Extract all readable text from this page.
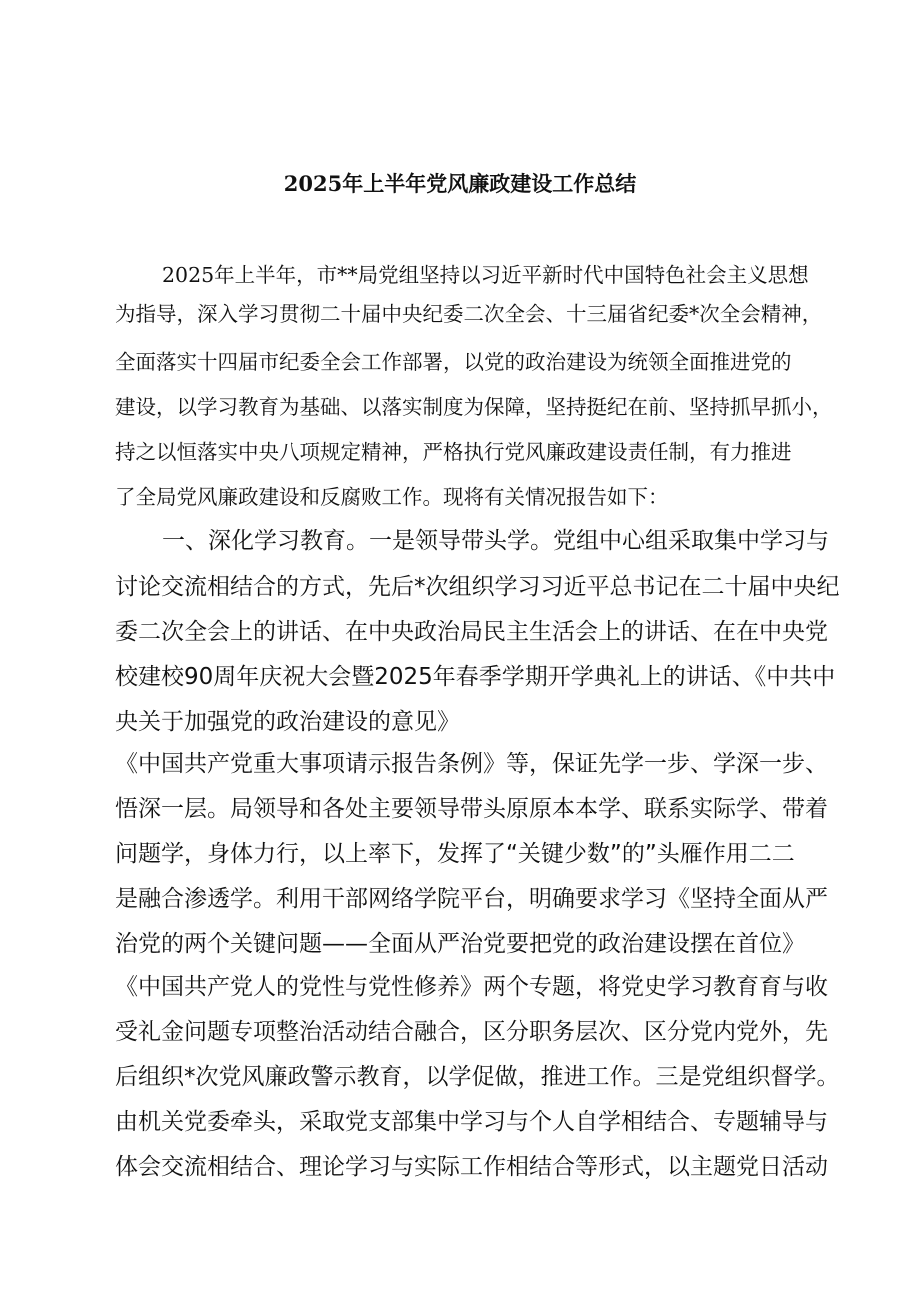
2025年上半年党风廉政建设工作总结
2025年上半年，市**局党组坚持以习近平新时代中国特色社会主义思想
为指导，深入学习贯彻二十届中央纪委二次全会、十三届省纪委*次全会精神，
全面落实十四届市纪委全会工作部署，以党的政治建设为统领全面推进党的
建设，以学习教育为基础、以落实制度为保障，坚持挺纪在前、坚持抓早抓小，
持之以恒落实中央八项规定精神，严格执行党风廉政建设责任制，有力推进
了全局党风廉政建设和反腐败工作。现将有关情况报告如下：
一、深化学习教育。一是领导带头学。党组中心组采取集中学习与
讨论交流相结合的方式，先后*次组织学习习近平总书记在二十届中央纪
委二次全会上的讲话、在中央政治局民主生活会上的讲话、在在中央党
校建校90周年庆祝大会暨2025年春季学期开学典礼上的讲话、《中共中
央关于加强党的政治建设的意见》
《中国共产党重大事项请示报告条例》等，保证先学一步、学深一步、
悟深一层。局领导和各处主要领导带头原原本本学、联系实际学、带着
问题学，身体力行，以上率下，发挥了“关键少数”的”头雁作用二二
是融合渗透学。利用干部网络学院平台，明确要求学习《坚持全面从严
治党的两个关键问题——全面从严治党要把党的政治建设摆在首位》
《中国共产党人的党性与党性修养》两个专题，将党史学习教育育与收
受礼金问题专项整治活动结合融合，区分职务层次、区分党内党外，先
后组织*次党风廉政警示教育，以学促做，推进工作。三是党组织督学。
由机关党委牵头，采取党支部集中学习与个人自学相结合、专题辅导与
体会交流相结合、理论学习与实际工作相结合等形式，以主题党日活动
